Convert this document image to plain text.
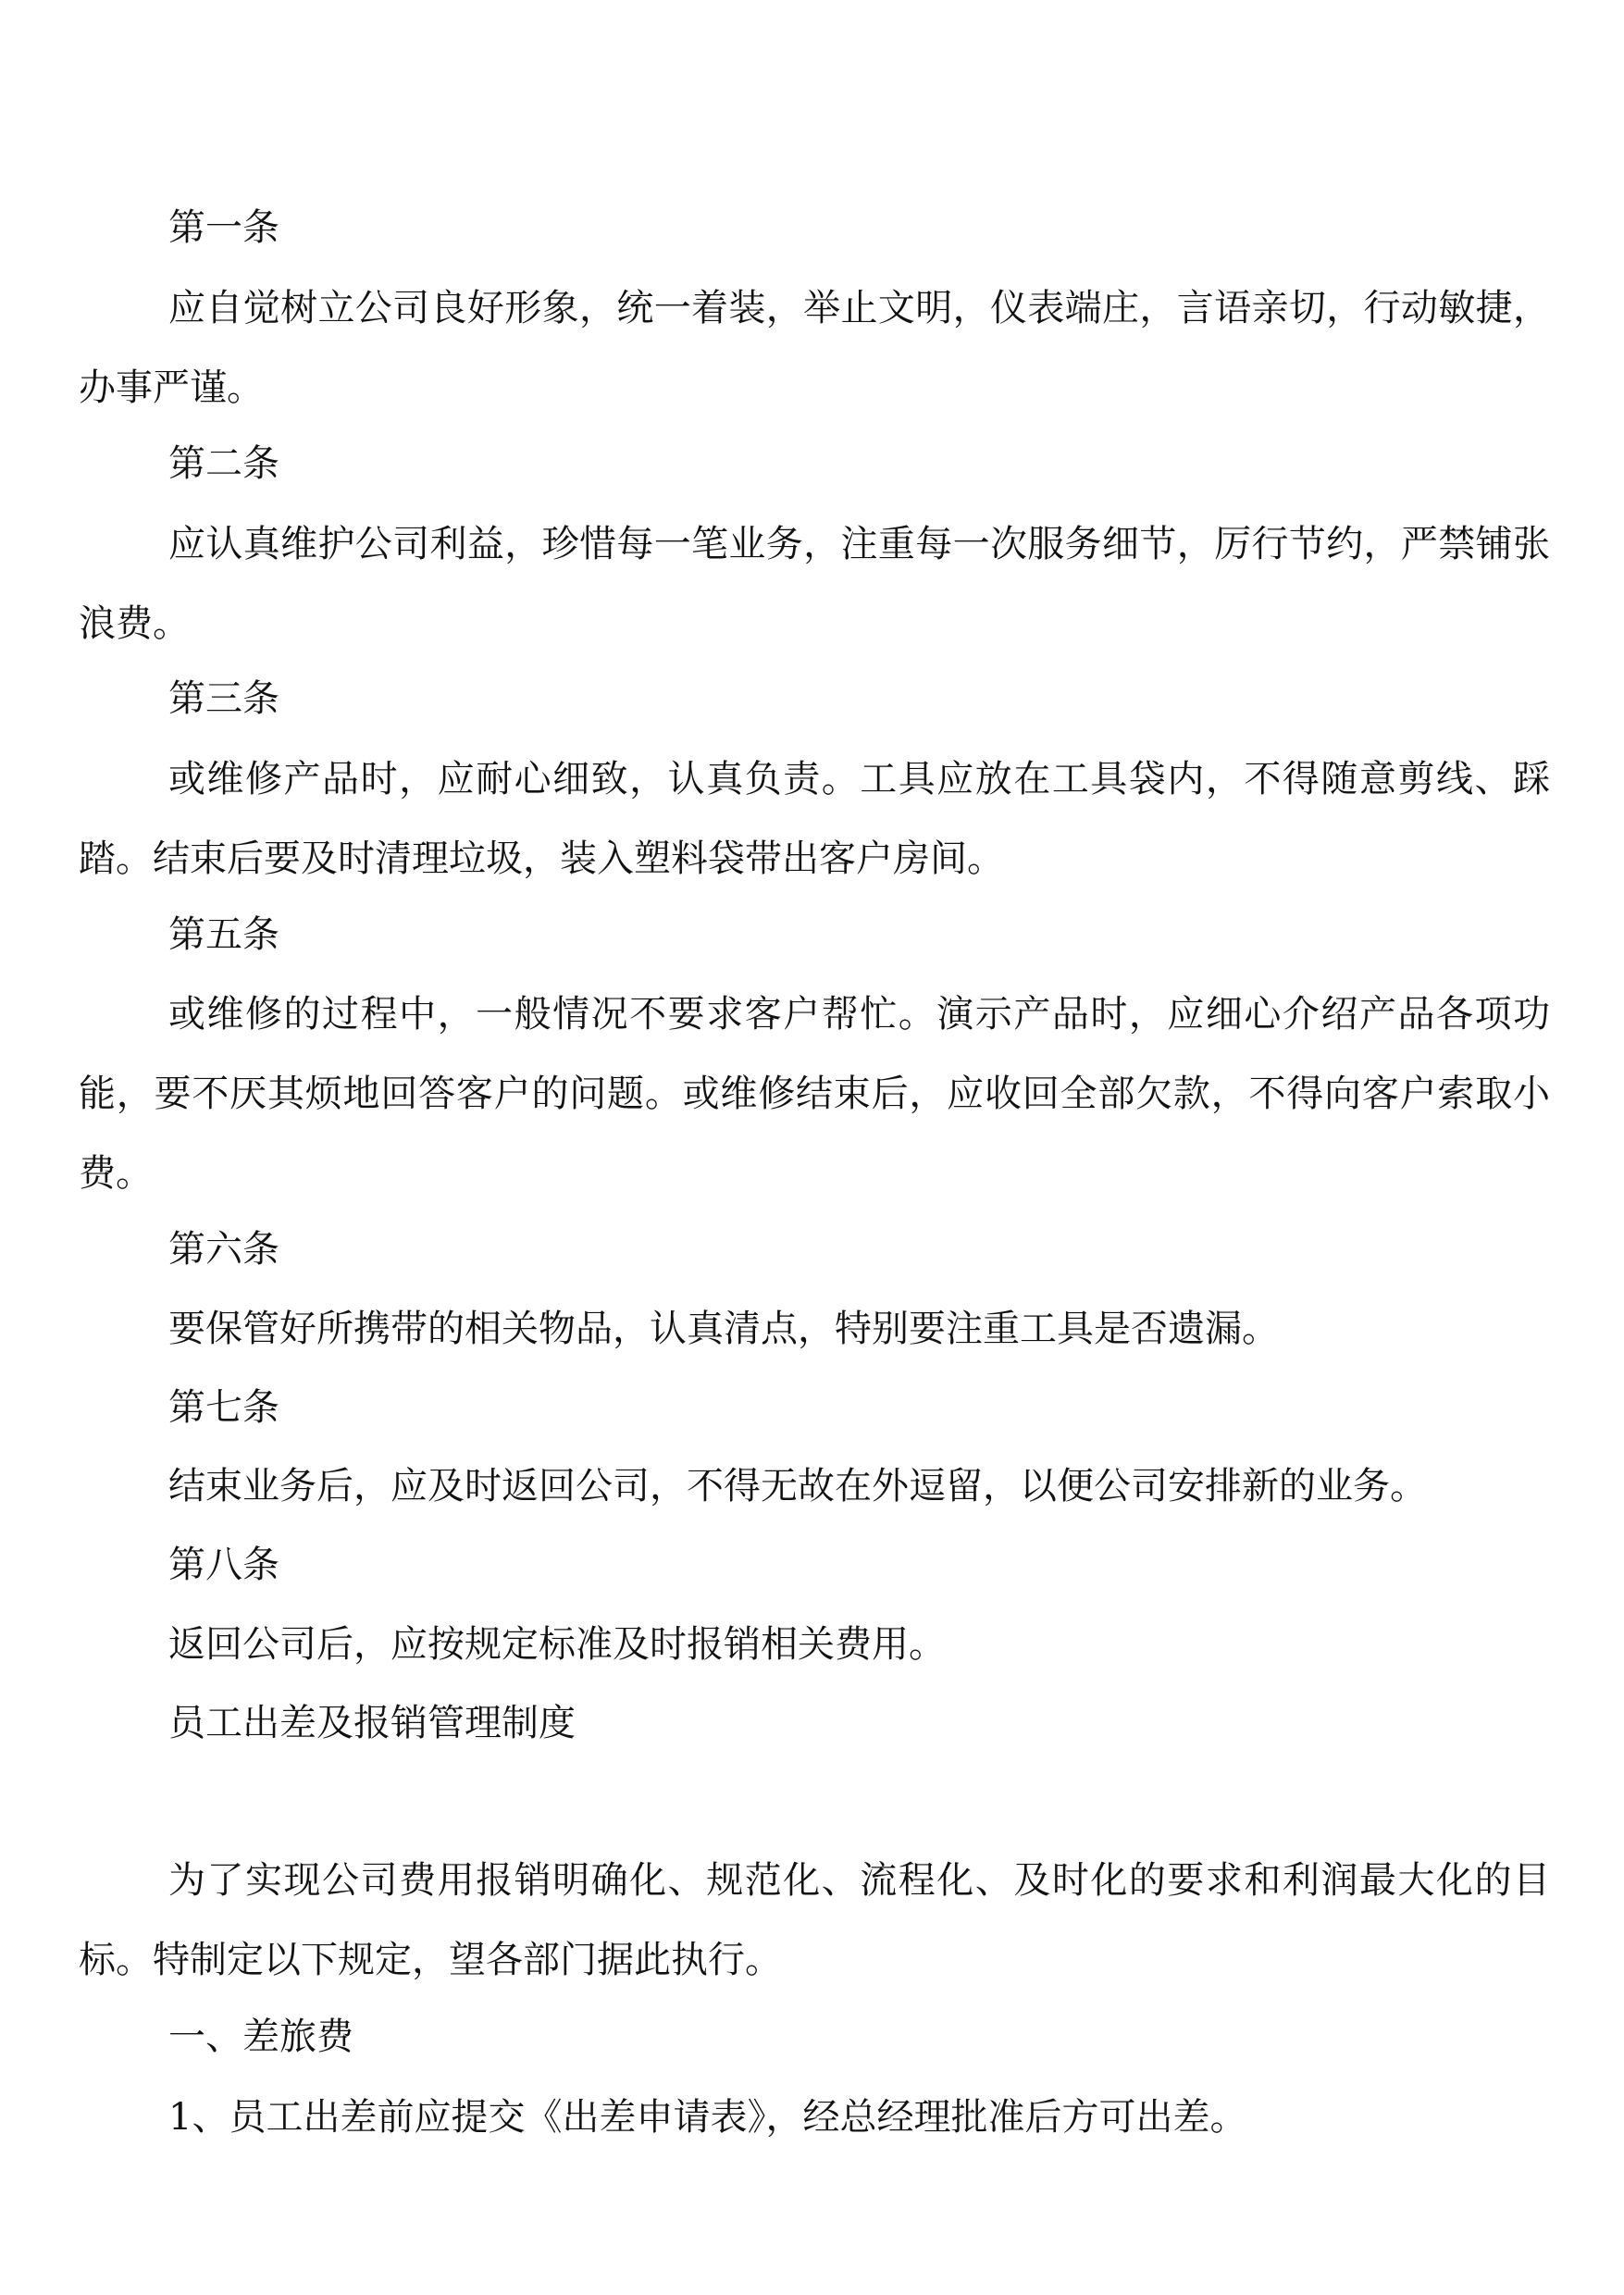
第一条

应自觉树立公司良好形象，统一着装，举止文明，仪表端庄，言语亲切，行动敏捷，办事严谨。

第二条

应认真维护公司利益，珍惜每一笔业务，注重每一次服务细节，厉行节约，严禁铺张浪费。

第三条

或维修产品时，应耐心细致，认真负责。工具应放在工具袋内，不得随意剪线、踩踏。结束后要及时清理垃圾，装入塑料袋带出客户房间。

第五条

或维修的过程中，一般情况不要求客户帮忙。演示产品时，应细心介绍产品各项功能，要不厌其烦地回答客户的问题。或维修结束后，应收回全部欠款，不得向客户索取小费。

第六条

要保管好所携带的相关物品，认真清点，特别要注重工具是否遗漏。

第七条

结束业务后，应及时返回公司，不得无故在外逗留，以便公司安排新的业务。

第八条

返回公司后，应按规定标准及时报销相关费用。

员工出差及报销管理制度

为了实现公司费用报销明确化、规范化、流程化、及时化的要求和利润最大化的目标。特制定以下规定，望各部门据此执行。

一、差旅费

1、员工出差前应提交《出差申请表》，经总经理批准后方可出差。
